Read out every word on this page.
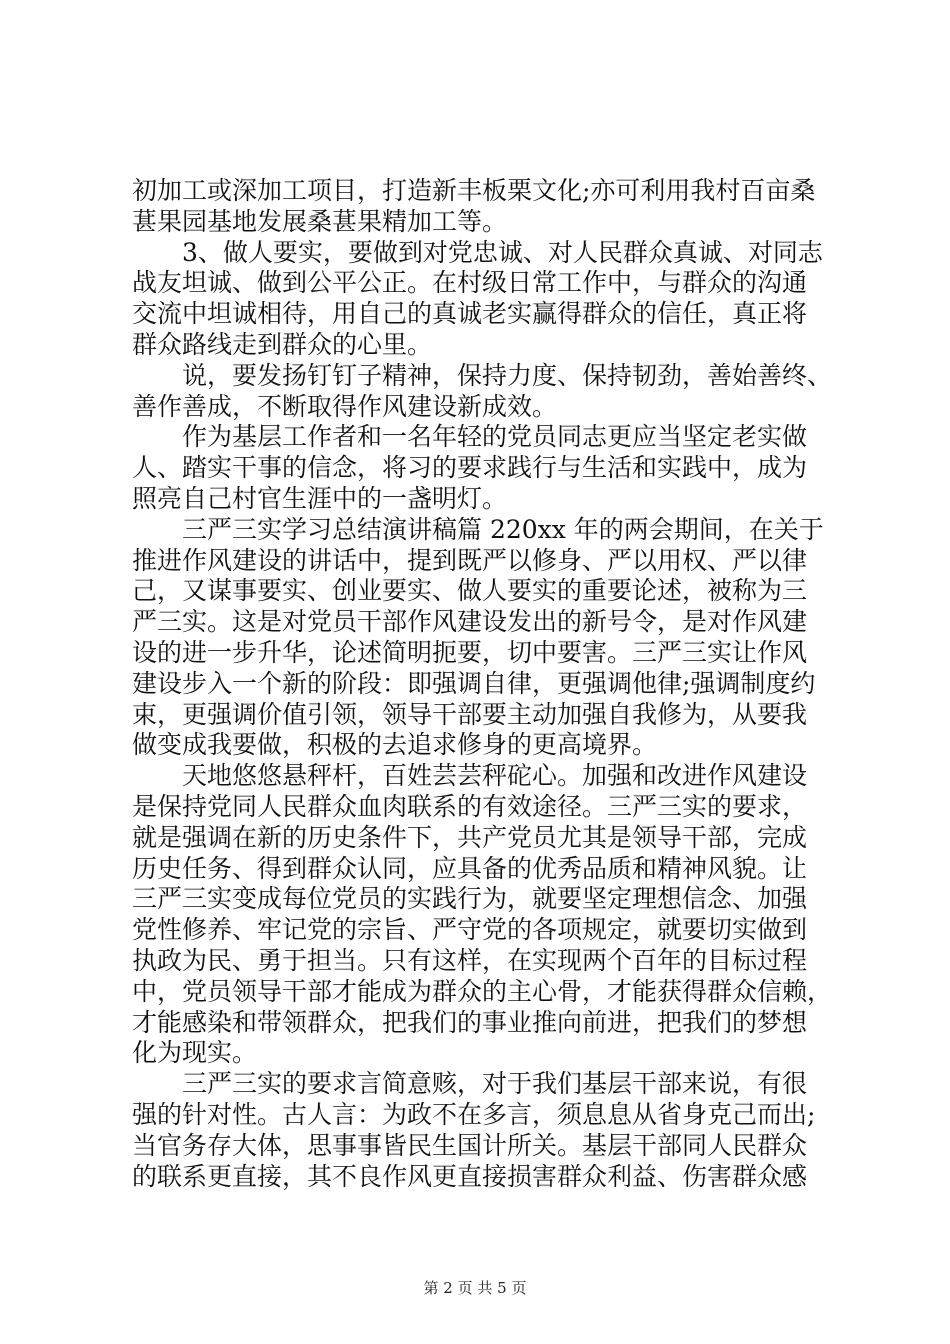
初加工或深加工项目，打造新丰板栗文化;亦可利用我村百亩桑
葚果园基地发展桑葚果精加工等。
　　3、做人要实，要做到对党忠诚、对人民群众真诚、对同志
战友坦诚、做到公平公正。在村级日常工作中，与群众的沟通
交流中坦诚相待，用自己的真诚老实赢得群众的信任，真正将
群众路线走到群众的心里。
　　说，要发扬钉钉子精神，保持力度、保持韧劲，善始善终、
善作善成，不断取得作风建设新成效。
　　作为基层工作者和一名年轻的党员同志更应当坚定老实做
人、踏实干事的信念，将习的要求践行与生活和实践中，成为
照亮自己村官生涯中的一盏明灯。
　　三严三实学习总结演讲稿篇 220xx 年的两会期间，在关于
推进作风建设的讲话中，提到既严以修身、严以用权、严以律
己，又谋事要实、创业要实、做人要实的重要论述，被称为三
严三实。这是对党员干部作风建设发出的新号令，是对作风建
设的进一步升华，论述简明扼要，切中要害。三严三实让作风
建设步入一个新的阶段：即强调自律，更强调他律;强调制度约
束，更强调价值引领，领导干部要主动加强自我修为，从要我
做变成我要做，积极的去追求修身的更高境界。
　　天地悠悠悬秤杆，百姓芸芸秤砣心。加强和改进作风建设
是保持党同人民群众血肉联系的有效途径。三严三实的要求，
就是强调在新的历史条件下，共产党员尤其是领导干部，完成
历史任务、得到群众认同，应具备的优秀品质和精神风貌。让
三严三实变成每位党员的实践行为，就要坚定理想信念、加强
党性修养、牢记党的宗旨、严守党的各项规定，就要切实做到
执政为民、勇于担当。只有这样，在实现两个百年的目标过程
中，党员领导干部才能成为群众的主心骨，才能获得群众信赖，
才能感染和带领群众，把我们的事业推向前进，把我们的梦想
化为现实。
　　三严三实的要求言简意赅，对于我们基层干部来说，有很
强的针对性。古人言：为政不在多言，须息息从省身克己而出;
当官务存大体，思事事皆民生国计所关。基层干部同人民群众
的联系更直接，其不良作风更直接损害群众利益、伤害群众感
第 2 页 共 5 页
